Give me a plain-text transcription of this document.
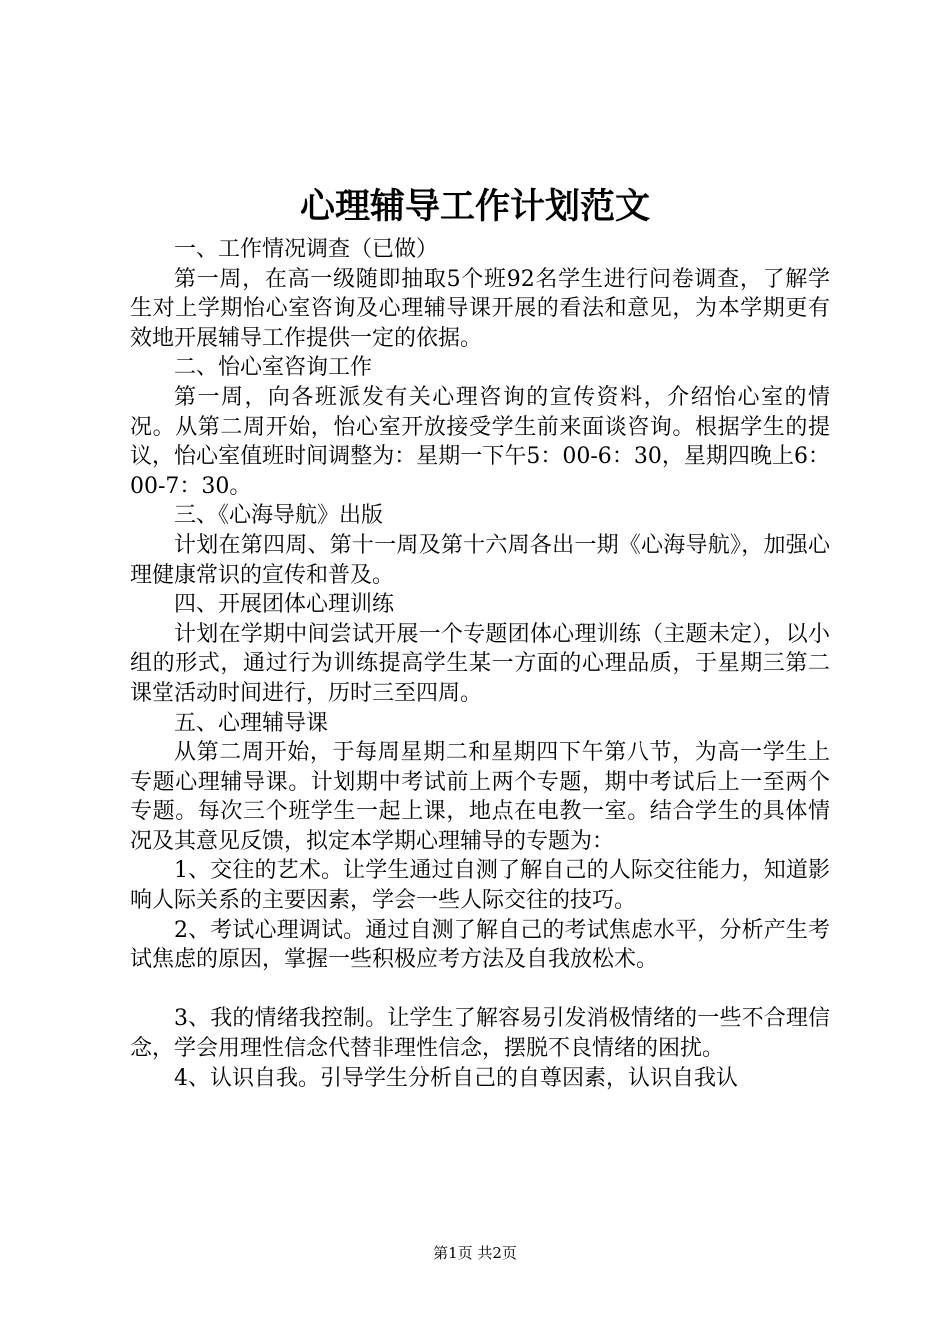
心理辅导工作计划范文

一、工作情况调查（已做）

第一周，在高一级随即抽取5个班92名学生进行问卷调查，了解学生对上学期怡心室咨询及心理辅导课开展的看法和意见，为本学期更有效地开展辅导工作提供一定的依据。

二、怡心室咨询工作

第一周，向各班派发有关心理咨询的宣传资料，介绍怡心室的情况。从第二周开始，怡心室开放接受学生前来面谈咨询。根据学生的提议，怡心室值班时间调整为：星期一下午5：00-6：30，星期四晚上6：00-7：30。

三、《心海导航》出版

计划在第四周、第十一周及第十六周各出一期《心海导航》，加强心理健康常识的宣传和普及。

四、开展团体心理训练

计划在学期中间尝试开展一个专题团体心理训练（主题未定），以小组的形式，通过行为训练提高学生某一方面的心理品质，于星期三第二课堂活动时间进行，历时三至四周。

五、心理辅导课

从第二周开始，于每周星期二和星期四下午第八节，为高一学生上专题心理辅导课。计划期中考试前上两个专题，期中考试后上一至两个专题。每次三个班学生一起上课，地点在电教一室。结合学生的具体情况及其意见反馈，拟定本学期心理辅导的专题为：

1、交往的艺术。让学生通过自测了解自己的人际交往能力，知道影响人际关系的主要因素，学会一些人际交往的技巧。

2、考试心理调试。通过自测了解自己的考试焦虑水平，分析产生考试焦虑的原因，掌握一些积极应考方法及自我放松术。

3、我的情绪我控制。让学生了解容易引发消极情绪的一些不合理信念，学会用理性信念代替非理性信念，摆脱不良情绪的困扰。

4、认识自我。引导学生分析自己的自尊因素，认识自我认

第1页 共2页
